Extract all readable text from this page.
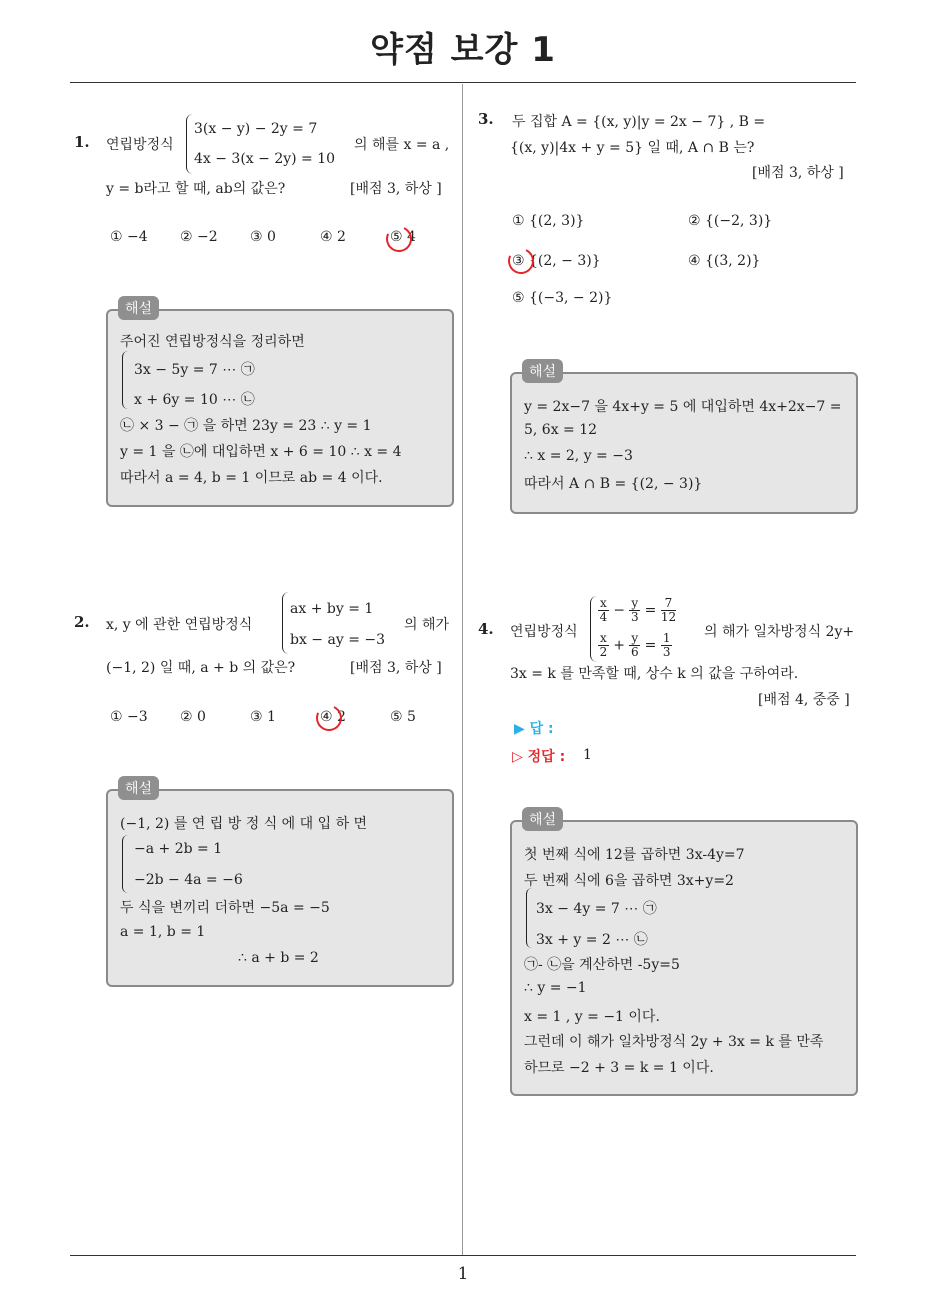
약점 보강 1
1
1. 연립방정식
3(x − y) − 2y = 7
4x − 3(x − 2y) = 10
의 해를 x = a ,
y = b라고 할 때, ab의 값은?	[배점 3, 하상 ]
① −4 ② −2 ③ 0	④ 2	⑤ 4
주어진 연립방정식을 정리하면
3x − 5y = 7 ⋯ ㉠
x + 6y = 10 ⋯ ㉡
㉡ × 3 − ㉠ 을 하면 23y = 23 ∴ y = 1
y = 1 을 ㉡에 대입하면 x + 6 = 10 ∴ x = 4
따라서 a = 4, b = 1 이므로 ab = 4 이다.
해설
2. x, y 에 관한 연립방정식
ax + by = 1
bx − ay = −3
의 해가
(−1, 2) 일 때, a + b 의 값은?	[배점 3, 하상 ]
① −3 ② 0	③ 1	④ 2	⑤ 5
(−1, 2) 를 연 립 방 정 식 에 대 입 하 면
−a + 2b = 1
−2b − 4a = −6
두 식을 변끼리 더하면 −5a = −5
a = 1, b = 1
∴ a + b = 2
해설
3. 두 집합 A = {(x, y)|y = 2x − 7} , B =
{(x, y)|4x + y = 5} 일 때, A ∩ B 는?
[배점 3, 하상 ]
① {(2, 3)}	② {(−2, 3)}
③ {(2, − 3)}	④ {(3, 2)}
⑤ {(−3, − 2)}
y = 2x−7 을 4x+y = 5 에 대입하면 4x+2x−7 =
5, 6x = 12
∴ x = 2, y = −3
따라서 A ∩ B = {(2, − 3)}
해설
4. 연립방정식
$\frac{x}{4} - \frac{y}{3} = \frac{7}{12}$
$\frac{x}{2} + \frac{y}{6} = \frac{1}{3}$ 의 해가 일차방정식 2y+
3x = k 를 만족할 때, 상수 k 의 값을 구하여라.
[배점 4, 중중 ]
▶ 답 :
▷ 정답 : 1
첫 번째 식에 12를 곱하면 3x-4y=7
두 번째 식에 6을 곱하면 3x+y=2
3x − 4y = 7 ⋯ ㉠
3x + y = 2 ⋯ ㉡
㉠- ㉡을 계산하면 -5y=5
∴ y = −1
x = 1 , y = −1 이다.
그런데 이 해가 일차방정식 2y + 3x = k 를 만족
하므로 −2 + 3 = k = 1 이다.
해설
